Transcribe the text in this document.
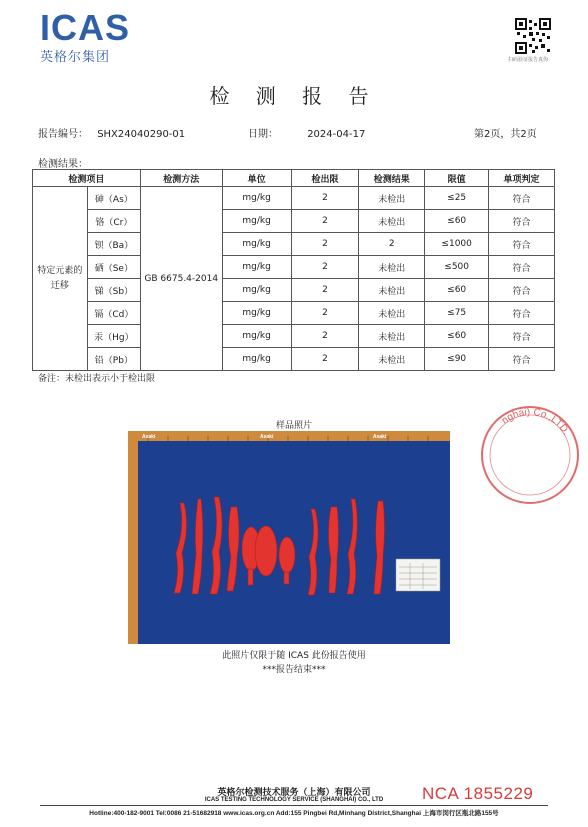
ICAS
英格尔集团	扫码验证报告真伪
检 测 报 告
报告编号： SHX24040290-01	日期：	2024-04-17	第2页，共2页
检测结果：
检测项目		检测方法	单位	检出限	检测结果	限值	单项判定
特定元素的迁移	砷（As）	GB 6675.4-2014	mg/kg	2	未检出	≤25	符合
	铬（Cr）		mg/kg	2	未检出	≤60	符合
	钡（Ba）		mg/kg	2	2	≤1000	符合
	硒（Se）		mg/kg	2	未检出	≤500	符合
	锑（Sb）		mg/kg	2	未检出	≤60	符合
	镉（Cd）		mg/kg	2	未检出	≤75	符合
	汞（Hg）		mg/kg	2	未检出	≤60	符合
	铅（Pb）		mg/kg	2	未检出	≤90	符合
备注：未检出表示小于检出限
nghai) Co.,LTD.
样品照片
Asakí	Asakí	Asakí
此照片仅限于随 ICAS 此份报告使用
***报告结束***
英格尔检测技术服务（上海）有限公司
ICAS TESTING TECHNOLOGY SERVICE (SHANGHAI) CO., LTD	NCA 1855229
Hotline:400-182-9001 Tel:0086 21-51682918 www.icas.org.cn Add:155 Pingbei Rd,Minhang District,Shanghai 上海市闵行区瓶北路155号
